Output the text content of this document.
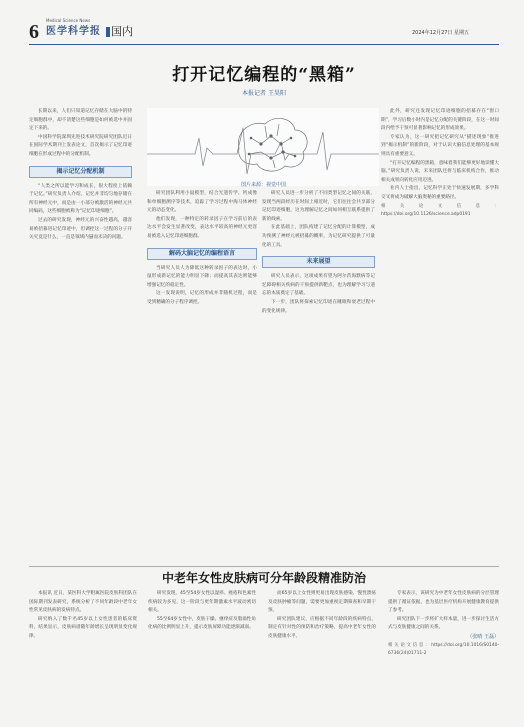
6
Medical Science News
医学科学报 国内	2024年12月27日 星期五
打开记忆编程的“黑箱”
本报记者 王昊阳
图片来源：视觉中国
长期以来，人们只知道记忆存储在大脑中的特定细胞群中，却不清楚这些细胞是如何被选中并固定下来的。
中国科学院深圳先进技术研究院研究团队近日在国际学术期刊上发表论文，首次揭示了记忆印迹细胞在形成过程中的分配机制。
揭示记忆分配机制
“人类之所以能学习和成长，很大程度上依赖于记忆。”研究负责人介绍，记忆并非均匀地存储在所有神经元中，而是由一小部分被激活的神经元共同编码，这些细胞被称为“记忆印迹细胞”。
过去的研究发现，神经元的兴奋性越高，越容易被招募进记忆印迹中，但调控这一过程的分子开关究竟是什么，一直是领域内悬而未决的问题。
研究团队利用小鼠模型，结合光遗传学、钙成像和单细胞测序等技术，追踪了学习过程中海马体神经元的动态变化。
他们发现，一种特定的转录因子在学习前后的表达水平会发生显著改变，表达水平较高的神经元更容易被选入记忆印迹细胞群。
解码大脑记忆的编程语言
当研究人员人为降低这种转录因子的表达时，小鼠形成新记忆的能力明显下降；而提高其表达则能够增强记忆的稳定性。
这一发现说明，记忆的形成并非随机过程，而是受到精确的分子程序调控。
研究人员进一步分析了不同类型记忆之间的关联，发现当两段经历在时间上相近时，它们往往会共享部分记忆印迹细胞，这为理解记忆之间如何相互联系提供了新的线索。
在此基础上，团队构建了记忆分配的计算模型，成功预测了神经元被招募的概率，为记忆研究提供了可量化的工具。
未来展望
研究人员表示，这项成果有望为阿尔茨海默病等记忆障碍相关疾病的干预提供新靶点，也为理解学习与遗忘的本质奠定了基础。
下一步，团队将探索记忆印迹在睡眠和衰老过程中的变化规律。
此外，研究还发现记忆印迹细胞的招募存在“窗口期”，学习后数小时内是记忆分配的关键阶段，在这一时间段内给予干预可显著影响记忆的形成效果。
专家认为，这一研究把记忆研究从“描述现象”推进到“揭示机制”的新阶段，对于认识大脑信息处理的基本规则具有重要意义。
“打开记忆编程的黑箱，意味着我们能够更好地读懂大脑。”研究负责人说，未来团队还将与临床机构合作，推动相关成果向转化应用迈进。
业内人士指出，记忆科学正处于快速发展期，多学科交叉将成为破解大脑奥秘的重要路径。
相关论文信息：https://doi.org/10.1126/science.adp0191
中老年女性皮肤病可分年龄段精准防治
本报讯 近日，某医科大学附属医院皮肤科团队在国际期刊发表研究，系统分析了不同年龄段中老年女性常见皮肤病的发病特点。
研究纳入了数千名45岁以上女性患者的临床资料，结果显示，皮肤病谱随年龄增长呈现明显变化规律。
研究发现，45至54岁女性以湿疹、痤疮和色素性疾病较为多见，这一阶段与更年期激素水平波动密切相关。
55至64岁女性中，皮肤干燥、瘙痒症及脂溢性角化病的比例明显上升，提示皮肤屏障功能逐渐减弱。
而65岁以上女性则更易出现皮肤感染、慢性溃疡及皮肤肿瘤等问题，需要更加重视定期筛查和早期干预。
研究团队建议，应根据不同年龄段的疾病特点，制定有针对性的预防和治疗策略，提高中老年女性的皮肤健康水平。
专家表示，该研究为中老年女性皮肤病的分层管理提供了循证依据，也为基层医疗机构开展健康教育提供了参考。
研究团队下一步将扩大样本量，进一步探讨生活方式与皮肤健康之间的关系。
（张晴 王磊）
相关论文信息：https://doi.org/10.1016/S0140-6736(24)01711-2
